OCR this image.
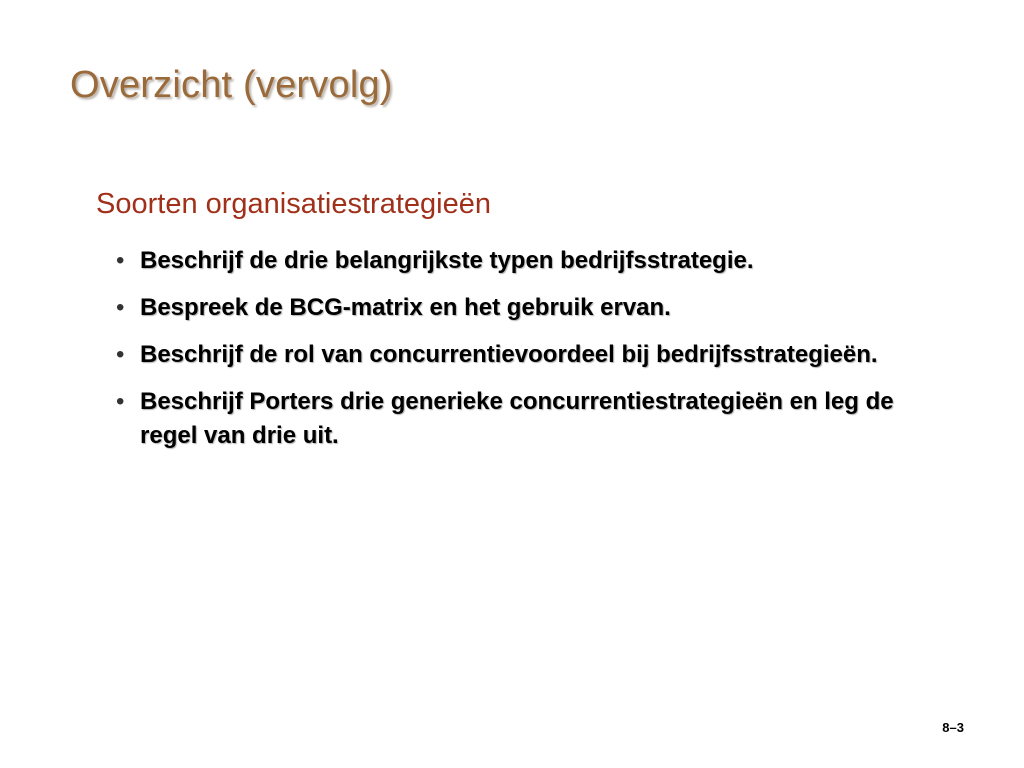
Overzicht (vervolg)
Soorten organisatiestrategieën
• Beschrijf de drie belangrijkste typen bedrijfsstrategie.
• Bespreek de BCG-matrix en het gebruik ervan.
• Beschrijf de rol van concurrentievoordeel bij bedrijfsstrategieën.
• Beschrijf Porters drie generieke concurrentiestrategieën en leg de regel van drie uit.

8–3
